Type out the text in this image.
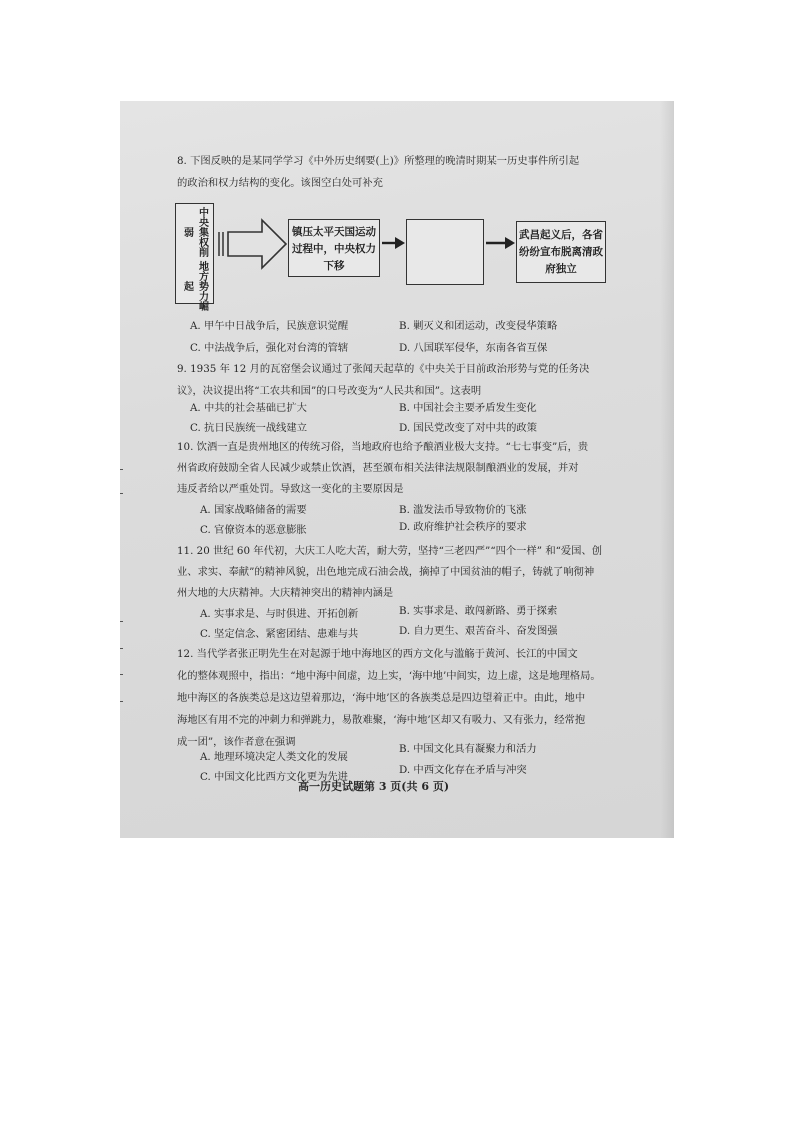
8. 下图反映的是某同学学习《中外历史纲要(上)》所整理的晚清时期某一历史事件所引起
的政治和权力结构的变化。该图空白处可补充
中央集权削弱
地方势力崛起
镇压太平天国运动过程中，中央权力下移
武昌起义后，各省纷纷宣布脱离清政府独立
A. 甲午中日战争后，民族意识觉醒	B. 剿灭义和团运动，改变侵华策略
C. 中法战争后，强化对台湾的管辖	D. 八国联军侵华，东南各省互保
9. 1935 年 12 月的瓦窑堡会议通过了张闻天起草的《中央关于目前政治形势与党的任务决
议》，决议提出将“工农共和国”的口号改变为“人民共和国”。这表明
A. 中共的社会基础已扩大	B. 中国社会主要矛盾发生变化
C. 抗日民族统一战线建立	D. 国民党改变了对中共的政策
10. 饮酒一直是贵州地区的传统习俗，当地政府也给予酿酒业极大支持。“七七事变”后，贵
州省政府鼓励全省人民减少或禁止饮酒，甚至颁布相关法律法规限制酿酒业的发展，并对
违反者给以严重处罚。导致这一变化的主要原因是
A. 国家战略储备的需要	B. 滥发法币导致物价的飞涨
C. 官僚资本的恶意膨胀	D. 政府维护社会秩序的要求
11. 20 世纪 60 年代初，大庆工人吃大苦，耐大劳，坚持“三老四严”“四个一样” 和“爱国、创
业、求实、奉献”的精神风貌，出色地完成石油会战，摘掉了中国贫油的帽子，铸就了响彻神
州大地的大庆精神。大庆精神突出的精神内涵是
A. 实事求是、与时俱进、开拓创新	B. 实事求是、敢闯新路、勇于探索
C. 坚定信念、紧密团结、患难与共	D. 自力更生、艰苦奋斗、奋发图强
12. 当代学者张正明先生在对起源于地中海地区的西方文化与滥觞于黄河、长江的中国文
化的整体观照中，指出：“地中海中间虚，边上实，‘海中地’中间实，边上虚，这是地理格局。
地中海区的各族类总是这边望着那边，‘海中地’区的各族类总是四边望着正中。由此，地中
海地区有用不完的冲刺力和弹跳力，易散难聚，‘海中地’区却又有吸力、又有张力，经常抱
成一团”，该作者意在强调
A. 地理环境决定人类文化的发展
B. 中国文化具有凝聚力和活力
C. 中国文化比西方文化更为先进
D. 中西文化存在矛盾与冲突
高一历史试题第 3 页(共 6 页)
